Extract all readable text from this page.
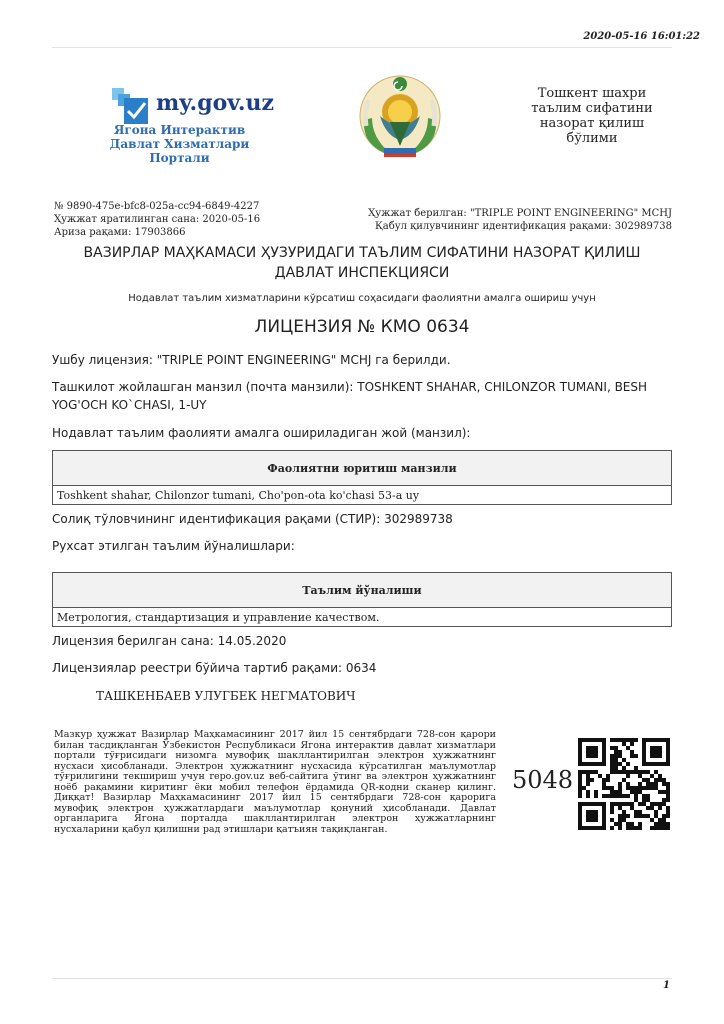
2020-05-16 16:01:22
my.gov.uz
Ягона Интерактив
Давлат Хизматлари Портали
Тошкент шахри
таълим сифатини
назорат қилиш
бўлими
№ 9890-475e-bfc8-025a-cc94-6849-4227
Ҳужжат яратилинган сана: 2020-05-16
Ариза рақами: 17903866
Ҳужжат берилган: "TRIPLE POINT ENGINEERING" MCHJ
Қабул қилувчининг идентификация рақами: 302989738
ВАЗИРЛАР МАҲКАМАСИ ҲУЗУРИДАГИ ТАЪЛИМ СИФАТИНИ НАЗОРАТ ҚИЛИШ ДАВЛАТ ИНСПЕКЦИЯСИ
Нодавлат таълим хизматларини кўрсатиш соҳасидаги фаолиятни амалга ошириш учун
ЛИЦЕНЗИЯ № КМО 0634
Ушбу лицензия: "TRIPLE POINT ENGINEERING" MCHJ га берилди.
Ташкилот жойлашган манзил (почта манзили): TOSHKENT SHAHAR, CHILONZOR TUMANI, BESH YOG'OCH KO`CHASI, 1-UY
Нодавлат таълим фаолияти амалга ошириладиган жой (манзил):
Фаолиятни юритиш манзили
Toshkent shahar, Chilonzor tumani, Cho'pon-ota ko'chasi 53-a uy
Солиқ тўловчининг идентификация рақами (СТИР): 302989738
Рухсат этилган таълим йўналишлари:
Таълим йўналиши
Метрология, стандартизация и управление качеством.
Лицензия берилган сана: 14.05.2020
Лицензиялар реестри бўйича тартиб рақами: 0634
ТАШКЕНБАЕВ УЛУГБЕК НЕГМАТОВИЧ
Мазкур ҳужжат Вазирлар Маҳкамасининг 2017 йил 15 сентябрдаги 728-сон қарори билан тасдиқланган Ўзбекистон Республикаси Ягона интерактив давлат хизматлари портали тўғрисидаги низомга мувофиқ шакллантирилган электрон ҳужжатнинг нусхаси ҳисобланади. Электрон ҳужжатнинг нусхасида кўрсатилган маълумотлар тўғрилигини текшириш учун repo.gov.uz веб-сайтига ўтинг ва электрон ҳужжатнинг ноёб рақамини киритинг ёки мобил телефон ёрдамида QR-кодни сканер қилинг. Диққат! Вазирлар Маҳкамасининг 2017 йил 15 сентябрдаги 728-сон қарорига мувофиқ электрон ҳужжатлардаги маълумотлар қонуний ҳисобланади. Давлат органларига Ягона порталда шакллантирилган электрон ҳужжатларнинг нусхаларини қабул қилишни рад этишлари қатъиян тақиқланган.
5048
1
